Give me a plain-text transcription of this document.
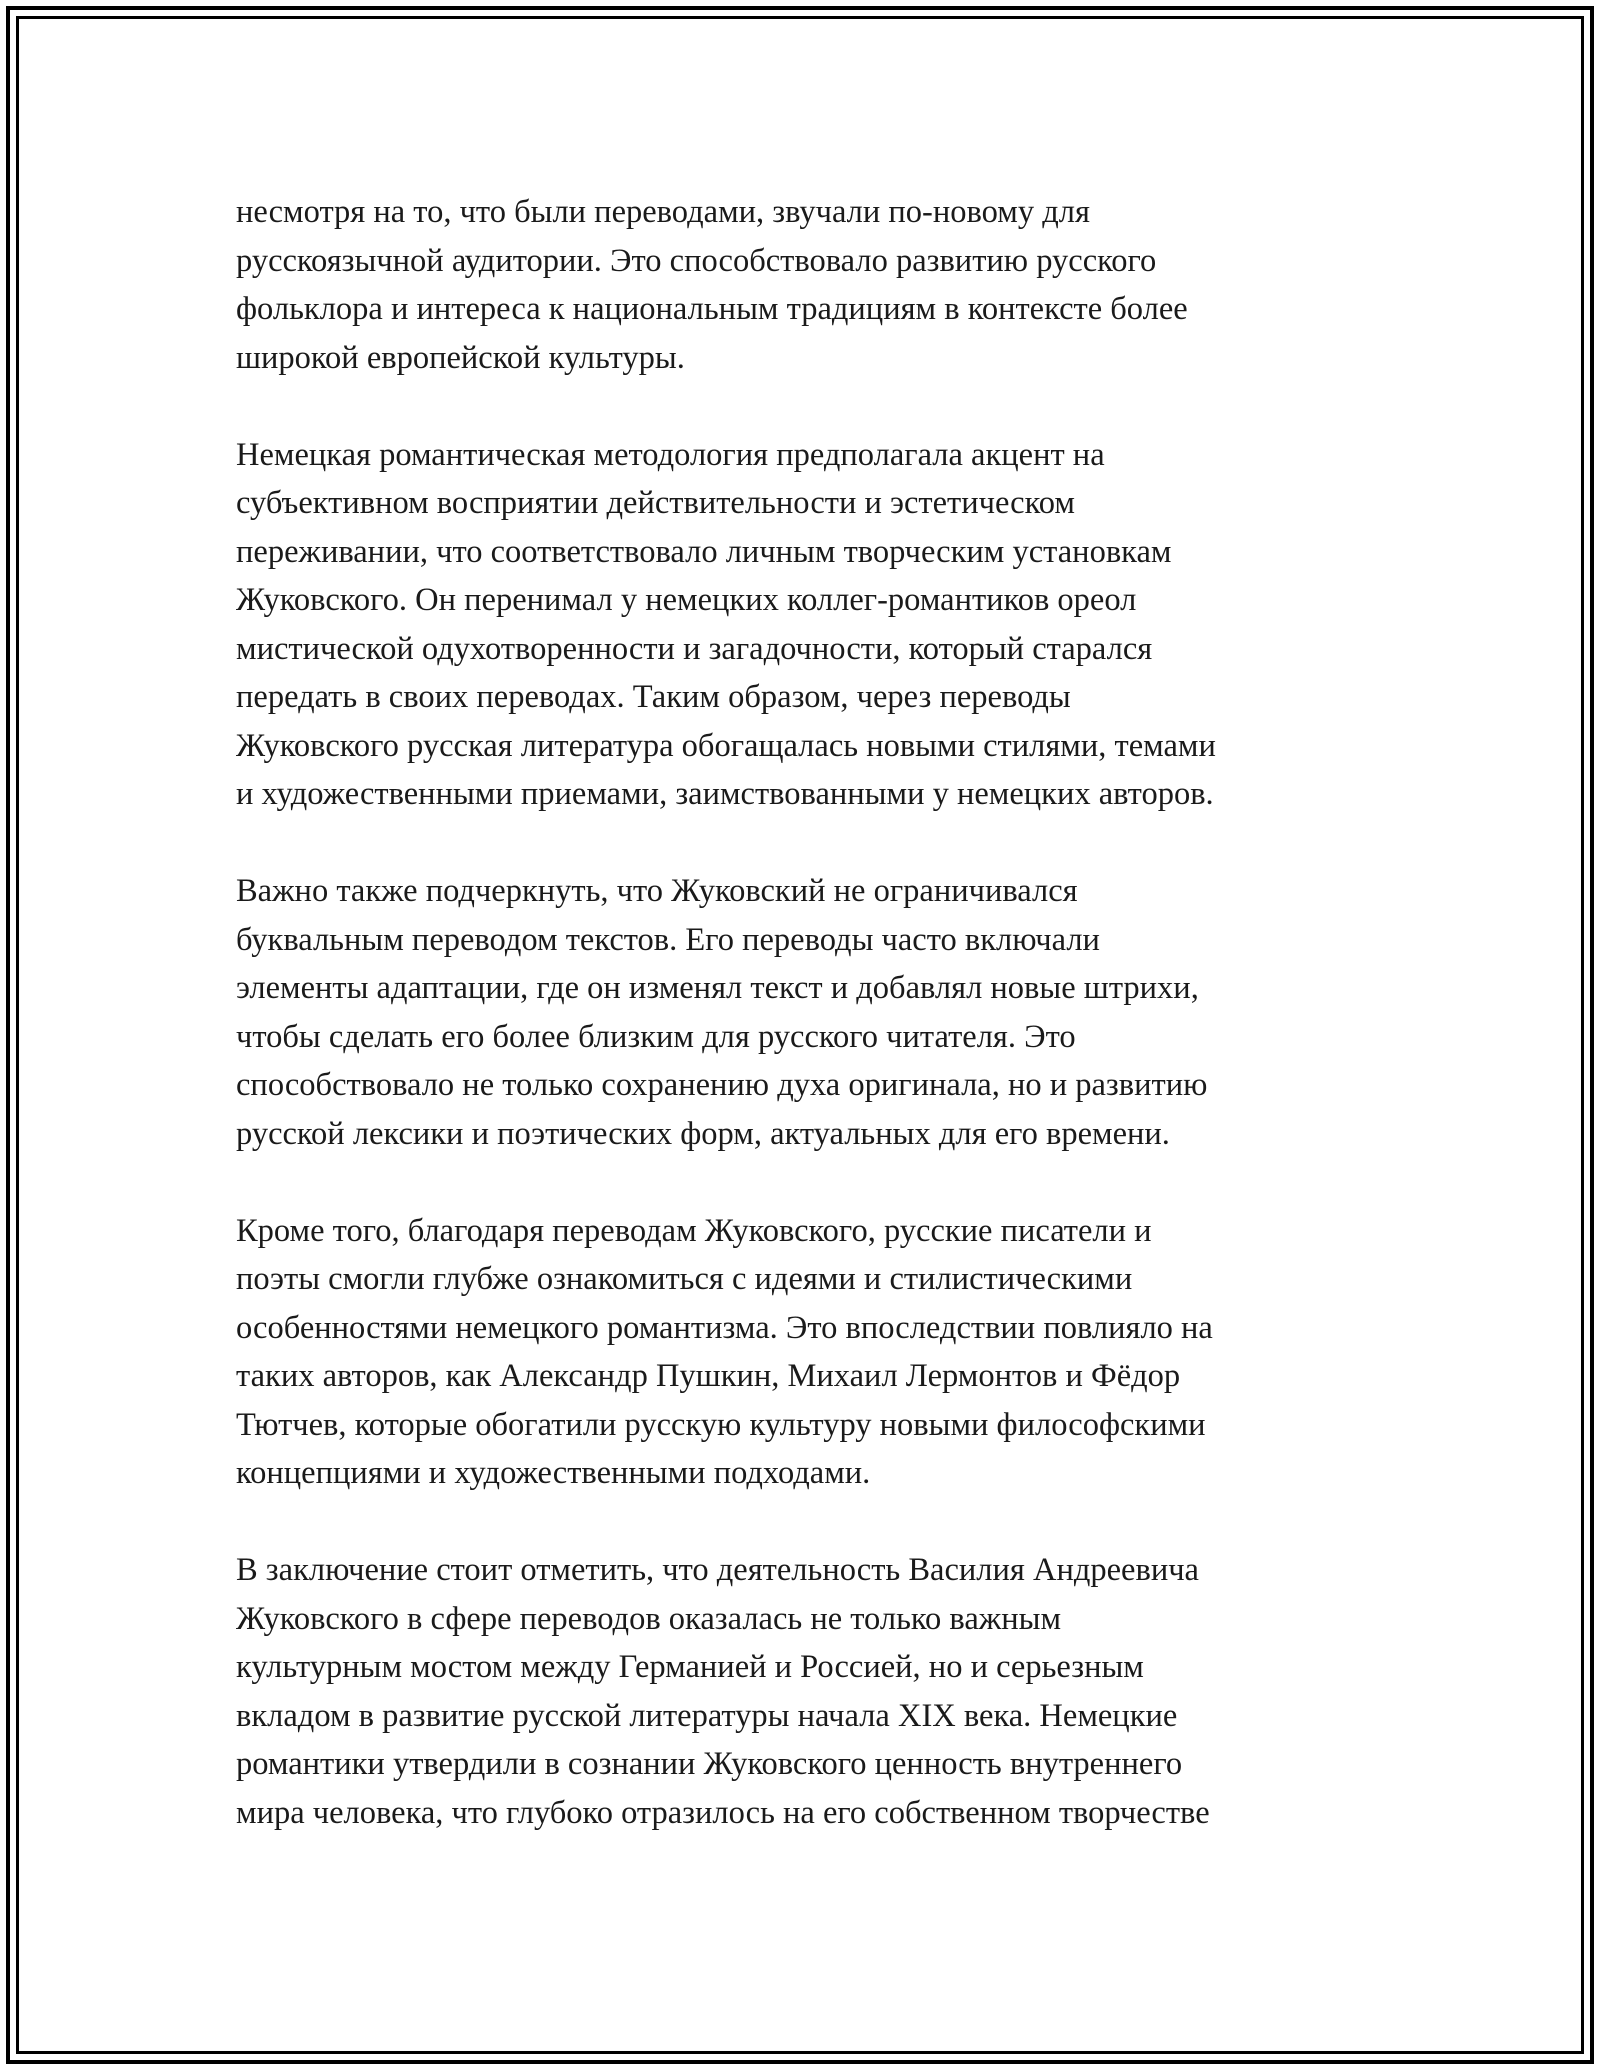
несмотря на то, что были переводами, звучали по-новому для
русскоязычной аудитории. Это способствовало развитию русского
фольклора и интереса к национальным традициям в контексте более
широкой европейской культуры.

Немецкая романтическая методология предполагала акцент на
субъективном восприятии действительности и эстетическом
переживании, что соответствовало личным творческим установкам
Жуковского. Он перенимал у немецких коллег-романтиков ореол
мистической одухотворенности и загадочности, который старался
передать в своих переводах. Таким образом, через переводы
Жуковского русская литература обогащалась новыми стилями, темами
и художественными приемами, заимствованными у немецких авторов.

Важно также подчеркнуть, что Жуковский не ограничивался
буквальным переводом текстов. Его переводы часто включали
элементы адаптации, где он изменял текст и добавлял новые штрихи,
чтобы сделать его более близким для русского читателя. Это
способствовало не только сохранению духа оригинала, но и развитию
русской лексики и поэтических форм, актуальных для его времени.

Кроме того, благодаря переводам Жуковского, русские писатели и
поэты смогли глубже ознакомиться с идеями и стилистическими
особенностями немецкого романтизма. Это впоследствии повлияло на
таких авторов, как Александр Пушкин, Михаил Лермонтов и Фёдор
Тютчев, которые обогатили русскую культуру новыми философскими
концепциями и художественными подходами.

В заключение стоит отметить, что деятельность Василия Андреевича
Жуковского в сфере переводов оказалась не только важным
культурным мостом между Германией и Россией, но и серьезным
вкладом в развитие русской литературы начала XIX века. Немецкие
романтики утвердили в сознании Жуковского ценность внутреннего
мира человека, что глубоко отразилось на его собственном творчестве
